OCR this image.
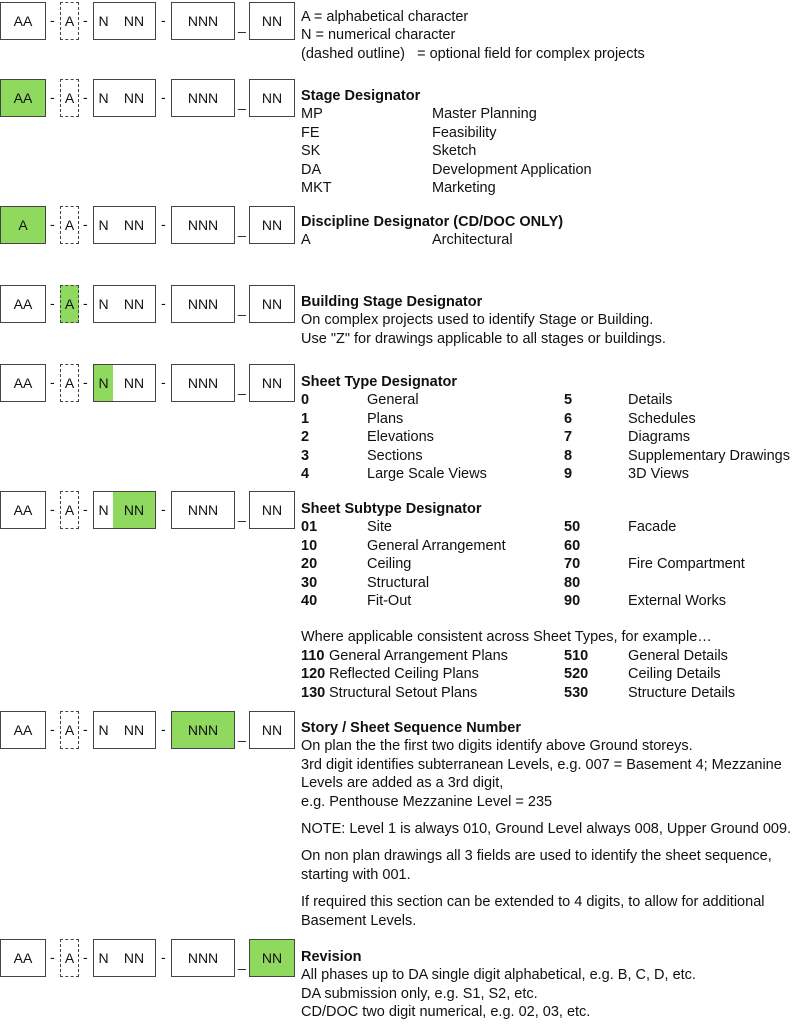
AA	- A - N	NN	-	NNN	_	NN	A = alphabetical character
N = numerical character
(dashed outline)   = optional field for complex projects
AA	- A - N	NN	-	NNN	_	NN	Stage Designator
MP	Master Planning
FE	Feasibility
SK	Sketch
DA	Development Application
MKT	Marketing
A	- A - N	NN	-	NNN	_	NN	Discipline Designator (CD/DOC ONLY)
A	Architectural
AA	- A - N	NN	-	NNN	_	NN	Building Stage Designator
On complex projects used to identify Stage or Building.
Use "Z" for drawings applicable to all stages or buildings.
AA	- A - N	NN	-	NNN	_	NN	Sheet Type Designator
0	General	5	Details
1	Plans	6	Schedules
2	Elevations	7	Diagrams
3	Sections	8	Supplementary Drawings
4	Large Scale Views	9	3D Views
AA	- A - N	NN	-	NNN	_	NN	Sheet Subtype Designator
01	Site	50	Facade
10	General Arrangement	60
20	Ceiling	70	Fire Compartment
30	Structural	80
40	Fit-Out	90	External Works
Where applicable consistent across Sheet Types, for example…
110 General Arrangement Plans	510	General Details
120 Reflected Ceiling Plans	520	Ceiling Details
130 Structural Setout Plans	530	Structure Details
AA	- A - N	NN	-	NNN	_	NN	Story / Sheet Sequence Number
On plan the the first two digits identify above Ground storeys.
3rd digit identifies subterranean Levels, e.g. 007 = Basement 4; Mezzanine
Levels are added as a 3rd digit,
e.g. Penthouse Mezzanine Level = 235
NOTE: Level 1 is always 010, Ground Level always 008, Upper Ground 009.
On non plan drawings all 3 fields are used to identify the sheet sequence,
starting with 001.
If required this section can be extended to 4 digits, to allow for additional
Basement Levels.
AA	- A - N	NN	-	NNN	_	NN	Revision
All phases up to DA single digit alphabetical, e.g. B, C, D, etc.
DA submission only, e.g. S1, S2, etc.
CD/DOC two digit numerical, e.g. 02, 03, etc.
